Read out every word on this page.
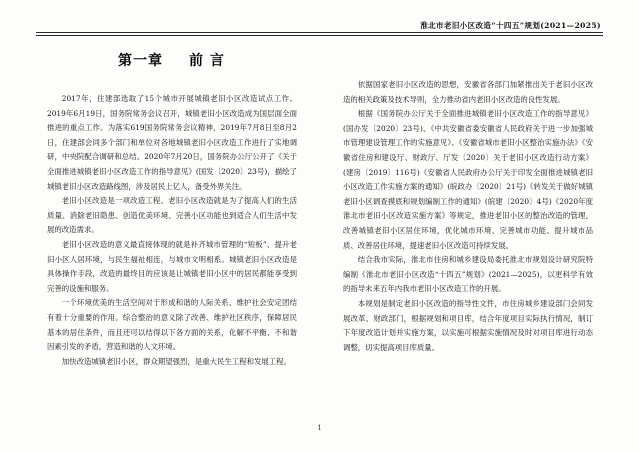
淮北市老旧小区改造“十四五”规划(2021—2025)
第一章 前 言

2017年，住建部选取了15个城市开展城镇老旧小区改造试点工作。2019年6月19日，国务院常务会议召开，城镇老旧小区改造成为国层面全面推进的重点工作。为落实619国务院常务会议精神，2019年7月8日至8月2日，住建部会同多个部门和单位对各地城镇老旧小区改造工作进行了实地调研，中央院配合调研和总结。2020年7月20日，国务院办公厅公开了《关于全面推进城镇老旧小区改造工作的指导意见》(国发〔2020〕23号)，描绘了城镇老旧小区改造路线图，涉及居民上亿人，备受外界关注。

老旧小区改造是一项改造工程。老旧小区改造就是为了提高人们的生活质量、消除老旧隐患、创造优美环境、完善小区功能也到适合人们生活中发展的改造需求。

老旧小区改造的意义最直接体现的就是补齐城市管理的“短板”、提升老旧小区人居环境，与民生福祉相连，与城市文明相系。城镇老旧小区改造是具体操作手段，改造的最终目的应该是让城镇老旧小区中的居民都能享受到完善的设施和服务。

一个环境优美的生活空间对于形成和谐的人际关系、维护社会安定团结有着十分重要的作用。综合整治的意义除了改善、维护社区秩序，保障居民基本的居住条件，而且还可以结得以下各方面的关系，化解不平衡、不和谐因素引发的矛盾，营造和谐的人文环境。

加快改造城镇老旧小区，群众期望强烈，是重大民生工程和发展工程。

依据国家老旧小区改造的思想，安徽省各部门加紧推出关于老旧小区改造的相关政策及技术导则，全力推动省内老旧小区改造的良性发展。

根据《国务院办公厅关于全面推进城镇老旧小区改造工作的指导意见》(国办发〔2020〕23号)、《中共安徽省委安徽省人民政府关于进一步加强城市管理建设管理工作的实施意见》、《安徽省城市老旧小区整治实施办法》《安徽省住房和建设厅、财政厅、厅发〔2020〕关于老旧小区改造行动方案》(建房〔2019〕116号)《安徽省人民政府办公厅关于印发全面推进城镇老旧小区改造工作实施方案的通知》(皖政办〔2020〕21号)《转发关于做好城镇老旧小区调查摸底和规划编制工作的通知》(皖建〔2020〕4号)《2020年度淮北市老旧小区改造实施方案》等规定，推进老旧小区的整治改造的管理，改善城镇老旧小区居住环境，优化城市环境、完善城市功能、提升城市品质、改善居住环境，提速老旧小区改造可持续发展。

结合我市实际，淮北市住房和城乡建设局委托淮北市规划设计研究院特编制《淮北市老旧小区改造“十四五”规划》(2021—2025)，以更科学有效的指导未来五年内我市老旧小区改造工作的开展。

本规划是制定老旧小区改造的指导性文件，市住房城乡建设部门会同发展改革、财政部门，根据规划和项目库，结合年度项目实际执行情况，制订下年度改造计划并实施方案，以实施可根据实施情况及时对项目库进行动态调整，切实提高项目库质量。

1
